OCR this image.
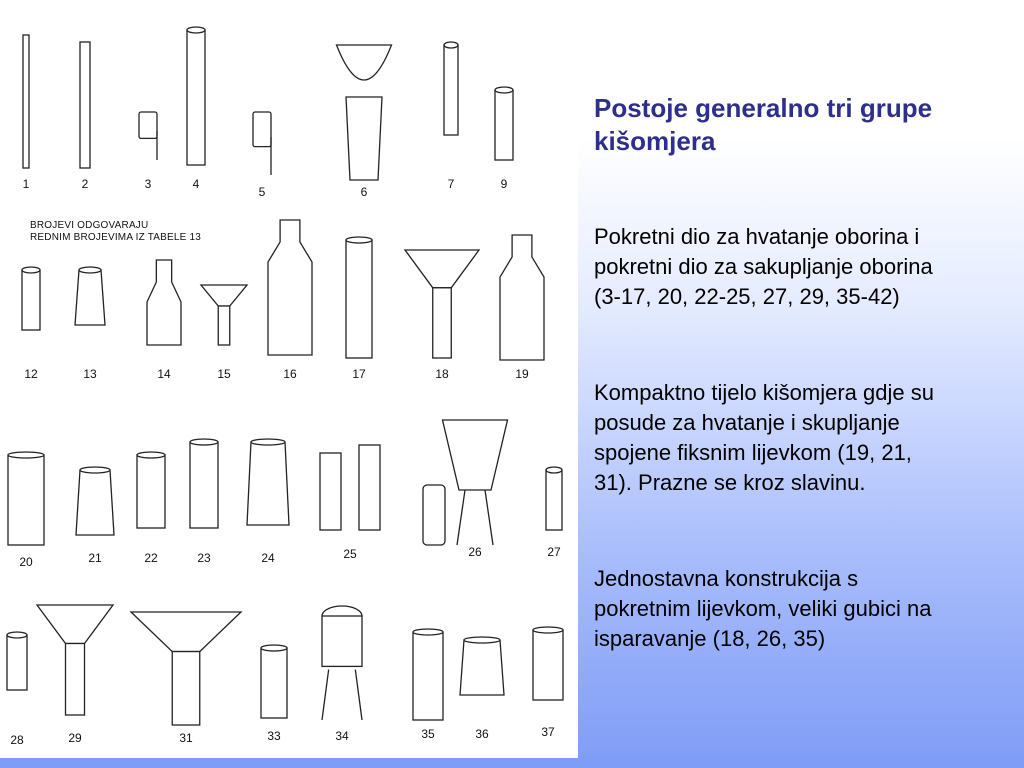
BROJEVI ODGOVARAJU
REDNIM BROJEVIMA IZ TABELE 13
1	2	3	4
5	6
7	9
12	13	14	15	16	17	18	19
20	21	22	23	24	25	26	27
28	29	31	33	34	35	36	37
Postoje generalno tri grupe
kišomjera

Pokretni dio za hvatanje oborina i
pokretni dio za sakupljanje oborina
(3-17, 20, 22-25, 27, 29, 35-42)

Kompaktno tijelo kišomjera gdje su
posude za hvatanje i skupljanje
spojene fiksnim lijevkom (19, 21,
31). Prazne se kroz slavinu.

Jednostavna konstrukcija s
pokretnim lijevkom, veliki gubici na
isparavanje (18, 26, 35)
